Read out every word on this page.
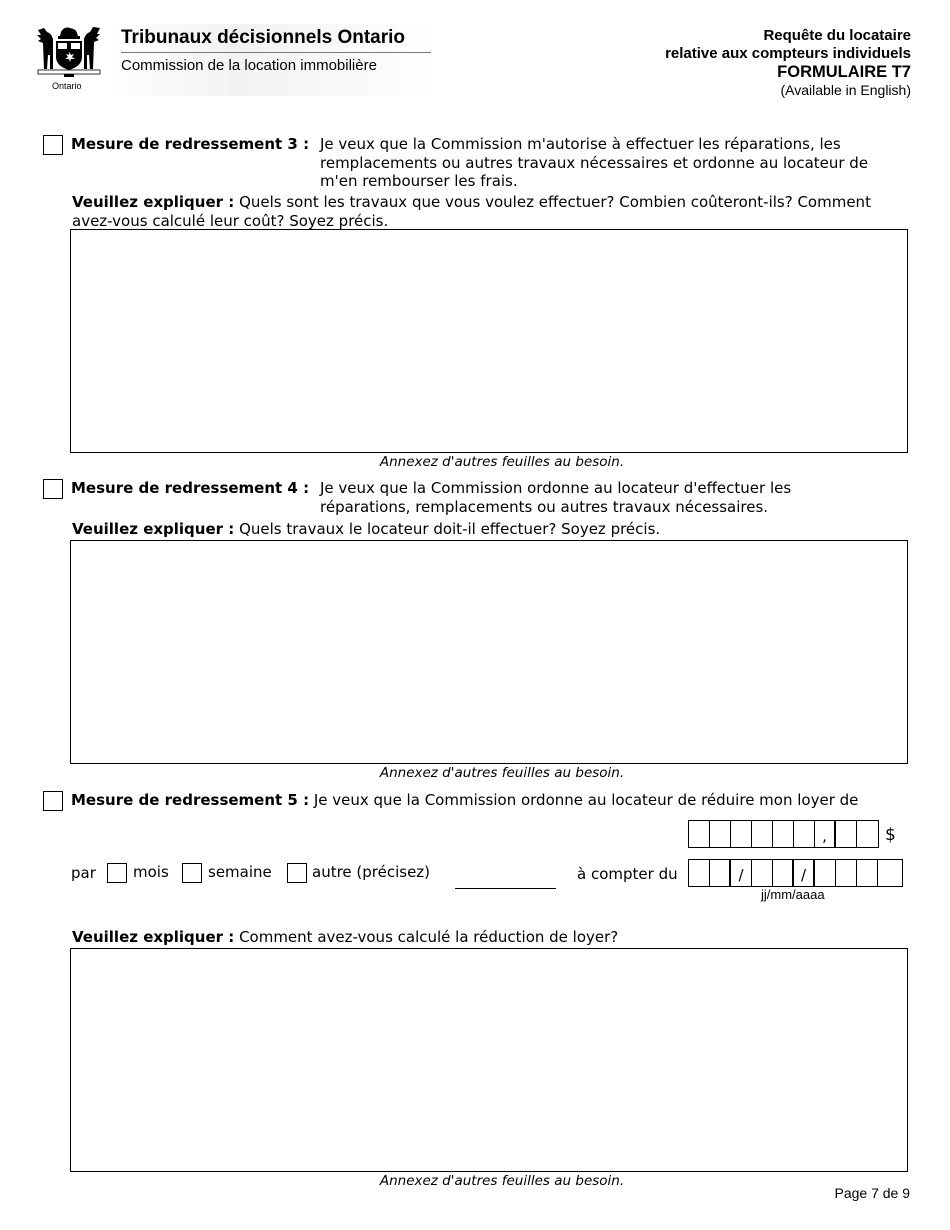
Ontario
Tribunaux décisionnels Ontario
Commission de la location immobilière
Requête du locataire
relative aux compteurs individuels
FORMULAIRE T7
(Available in English)
Mesure de redressement 3 : Je veux que la Commission m'autorise à effectuer les réparations, les
remplacements ou autres travaux nécessaires et ordonne au locateur de
m'en rembourser les frais.
Veuillez expliquer : Quels sont les travaux que vous voulez effectuer? Combien coûteront-ils? Comment
avez-vous calculé leur coût? Soyez précis.
Annexez d'autres feuilles au besoin.
Mesure de redressement 4 : Je veux que la Commission ordonne au locateur d'effectuer les
réparations, remplacements ou autres travaux nécessaires.
Veuillez expliquer : Quels travaux le locateur doit-il effectuer? Soyez précis.
Annexez d'autres feuilles au besoin.
Mesure de redressement 5 : Je veux que la Commission ordonne au locateur de réduire mon loyer de
,	$
par mois	semaine	autre (précisez)	à compter du	/	/
jj/mm/aaaa
Veuillez expliquer : Comment avez-vous calculé la réduction de loyer?
Annexez d'autres feuilles au besoin.
Page 7 de 9
